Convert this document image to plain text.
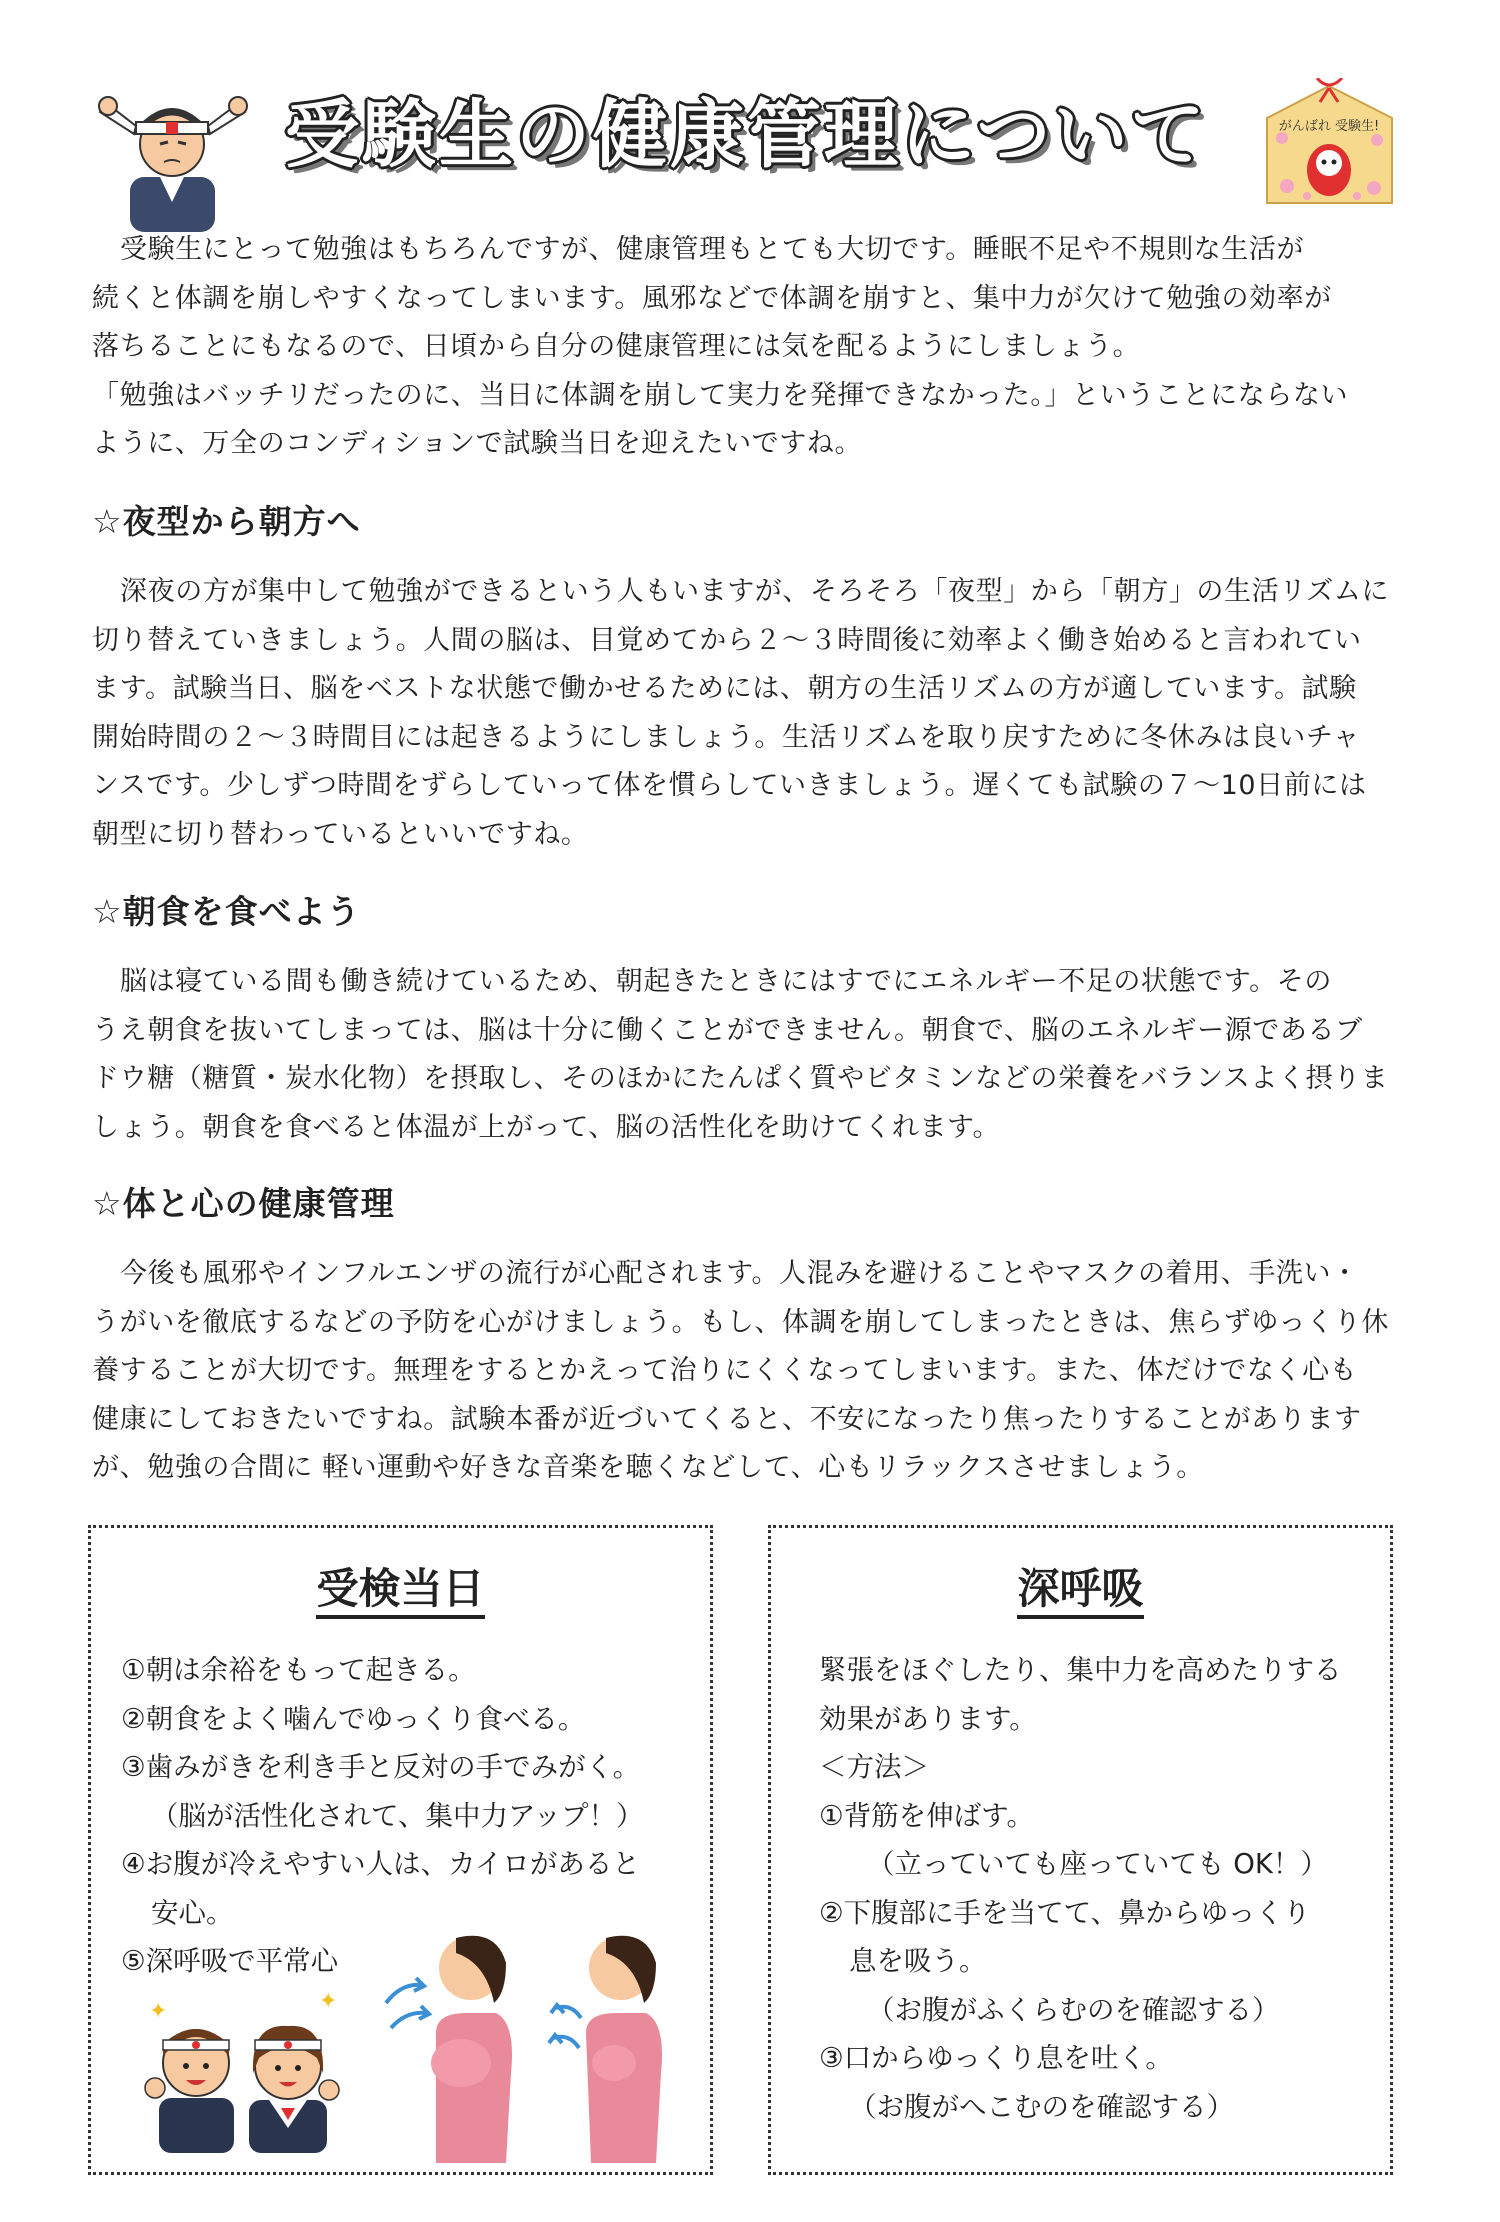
受験生の健康管理について	がんばれ 受験生!

受験生にとって勉強はもちろんですが、健康管理もとても大切です。睡眠不足や不規則な生活が
続くと体調を崩しやすくなってしまいます。風邪などで体調を崩すと、集中力が欠けて勉強の効率が
落ちることにもなるので、日頃から自分の健康管理には気を配るようにしましょう。
「勉強はバッチリだったのに、当日に体調を崩して実力を発揮できなかった。」ということにならない
ように、万全のコンディションで試験当日を迎えたいですね。

☆夜型から朝方へ

深夜の方が集中して勉強ができるという人もいますが、そろそろ「夜型」から「朝方」の生活リズムに
切り替えていきましょう。人間の脳は、目覚めてから２〜３時間後に効率よく働き始めると言われてい
ます。試験当日、脳をベストな状態で働かせるためには、朝方の生活リズムの方が適しています。試験
開始時間の２〜３時間目には起きるようにしましょう。生活リズムを取り戻すために冬休みは良いチャ
ンスです。少しずつ時間をずらしていって体を慣らしていきましょう。遅くても試験の７〜10日前には
朝型に切り替わっているといいですね。

☆朝食を食べよう

脳は寝ている間も働き続けているため、朝起きたときにはすでにエネルギー不足の状態です。その
うえ朝食を抜いてしまっては、脳は十分に働くことができません。朝食で、脳のエネルギー源であるブ
ドウ糖（糖質・炭水化物）を摂取し、そのほかにたんぱく質やビタミンなどの栄養をバランスよく摂りま
しょう。朝食を食べると体温が上がって、脳の活性化を助けてくれます。

☆体と心の健康管理

今後も風邪やインフルエンザの流行が心配されます。人混みを避けることやマスクの着用、手洗い・
うがいを徹底するなどの予防を心がけましょう。もし、体調を崩してしまったときは、焦らずゆっくり休
養することが大切です。無理をするとかえって治りにくくなってしまいます。また、体だけでなく心も
健康にしておきたいですね。試験本番が近づいてくると、不安になったり焦ったりすることがあります
が、勉強の合間に 軽い運動や好きな音楽を聴くなどして、心もリラックスさせましょう。

受検当日
①朝は余裕をもって起きる。
②朝食をよく噛んでゆっくり食べる。
③歯みがきを利き手と反対の手でみがく。
（脳が活性化されて、集中力アップ！）
④お腹が冷えやすい人は、カイロがあると
安心。
⑤深呼吸で平常心
✦	✦
深呼吸
緊張をほぐしたり、集中力を高めたりする
効果があります。
＜方法＞
①背筋を伸ばす。
（立っていても座っていても OK！）
②下腹部に手を当てて、鼻からゆっくり
息を吸う。
（お腹がふくらむのを確認する）
③口からゆっくり息を吐く。
（お腹がへこむのを確認する）
